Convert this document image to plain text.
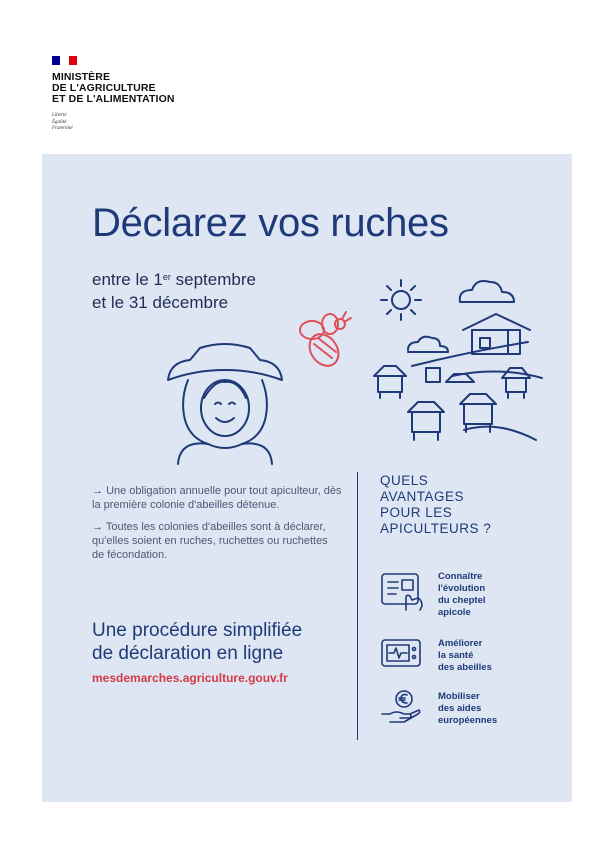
MINISTÈRE
DE L'AGRICULTURE
ET DE L'ALIMENTATION
Liberté
Égalité
Fraternité
Déclarez vos ruches
entre le 1er septembre
et le 31 décembre

→ Une obligation annuelle pour tout apiculteur, dès la première colonie d'abeilles détenue.

→ Toutes les colonies d'abeilles sont à déclarer, qu'elles soient en ruches, ruchettes ou ruchettes de fécondation.

Une procédure simplifiée
de déclaration en ligne
mesdemarches.agriculture.gouv.fr
QUELS
AVANTAGES
POUR LES
APICULTEURS ?
Connaître
l'évolution
du cheptel
apicole
Améliorer
la santé
des abeilles
Mobiliser
des aides
européennes
